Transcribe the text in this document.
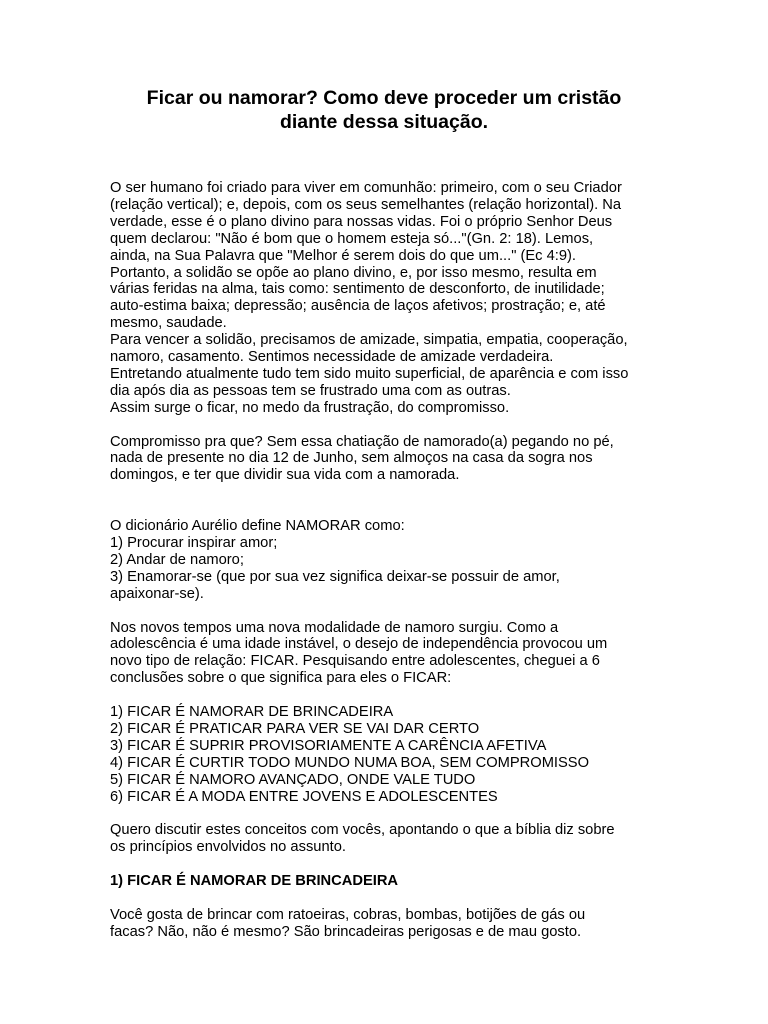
Ficar ou namorar? Como deve proceder um cristão
diante dessa situação.
O ser humano foi criado para viver em comunhão: primeiro, com o seu Criador
(relação vertical); e, depois, com os seus semelhantes (relação horizontal). Na
verdade, esse é o plano divino para nossas vidas. Foi o próprio Senhor Deus
quem declarou: "Não é bom que o homem esteja só..."(Gn. 2: 18). Lemos,
ainda, na Sua Palavra que "Melhor é serem dois do que um..." (Ec 4:9).
Portanto, a solidão se opõe ao plano divino, e, por isso mesmo, resulta em
várias feridas na alma, tais como: sentimento de desconforto, de inutilidade;
auto-estima baixa; depressão; ausência de laços afetivos; prostração; e, até
mesmo, saudade.
Para vencer a solidão, precisamos de amizade, simpatia, empatia, cooperação,
namoro, casamento. Sentimos necessidade de amizade verdadeira.
Entretando atualmente tudo tem sido muito superficial, de aparência e com isso
dia após dia as pessoas tem se frustrado uma com as outras.
Assim surge o ficar, no medo da frustração, do compromisso.
Compromisso pra que? Sem essa chatiação de namorado(a) pegando no pé,
nada de presente no dia 12 de Junho, sem almoços na casa da sogra nos
domingos, e ter que dividir sua vida com a namorada.
O dicionário Aurélio define NAMORAR como:
1) Procurar inspirar amor;
2) Andar de namoro;
3) Enamorar-se (que por sua vez significa deixar-se possuir de amor,
apaixonar-se).
Nos novos tempos uma nova modalidade de namoro surgiu. Como a
adolescência é uma idade instável, o desejo de independência provocou um
novo tipo de relação: FICAR. Pesquisando entre adolescentes, cheguei a 6
conclusões sobre o que significa para eles o FICAR:
1) FICAR É NAMORAR DE BRINCADEIRA
2) FICAR É PRATICAR PARA VER SE VAI DAR CERTO
3) FICAR É SUPRIR PROVISORIAMENTE A CARÊNCIA AFETIVA
4) FICAR É CURTIR TODO MUNDO NUMA BOA, SEM COMPROMISSO
5) FICAR É NAMORO AVANÇADO, ONDE VALE TUDO
6) FICAR É A MODA ENTRE JOVENS E ADOLESCENTES
Quero discutir estes conceitos com vocês, apontando o que a bíblia diz sobre
os princípios envolvidos no assunto.
1) FICAR É NAMORAR DE BRINCADEIRA
Você gosta de brincar com ratoeiras, cobras, bombas, botijões de gás ou
facas? Não, não é mesmo? São brincadeiras perigosas e de mau gosto.
